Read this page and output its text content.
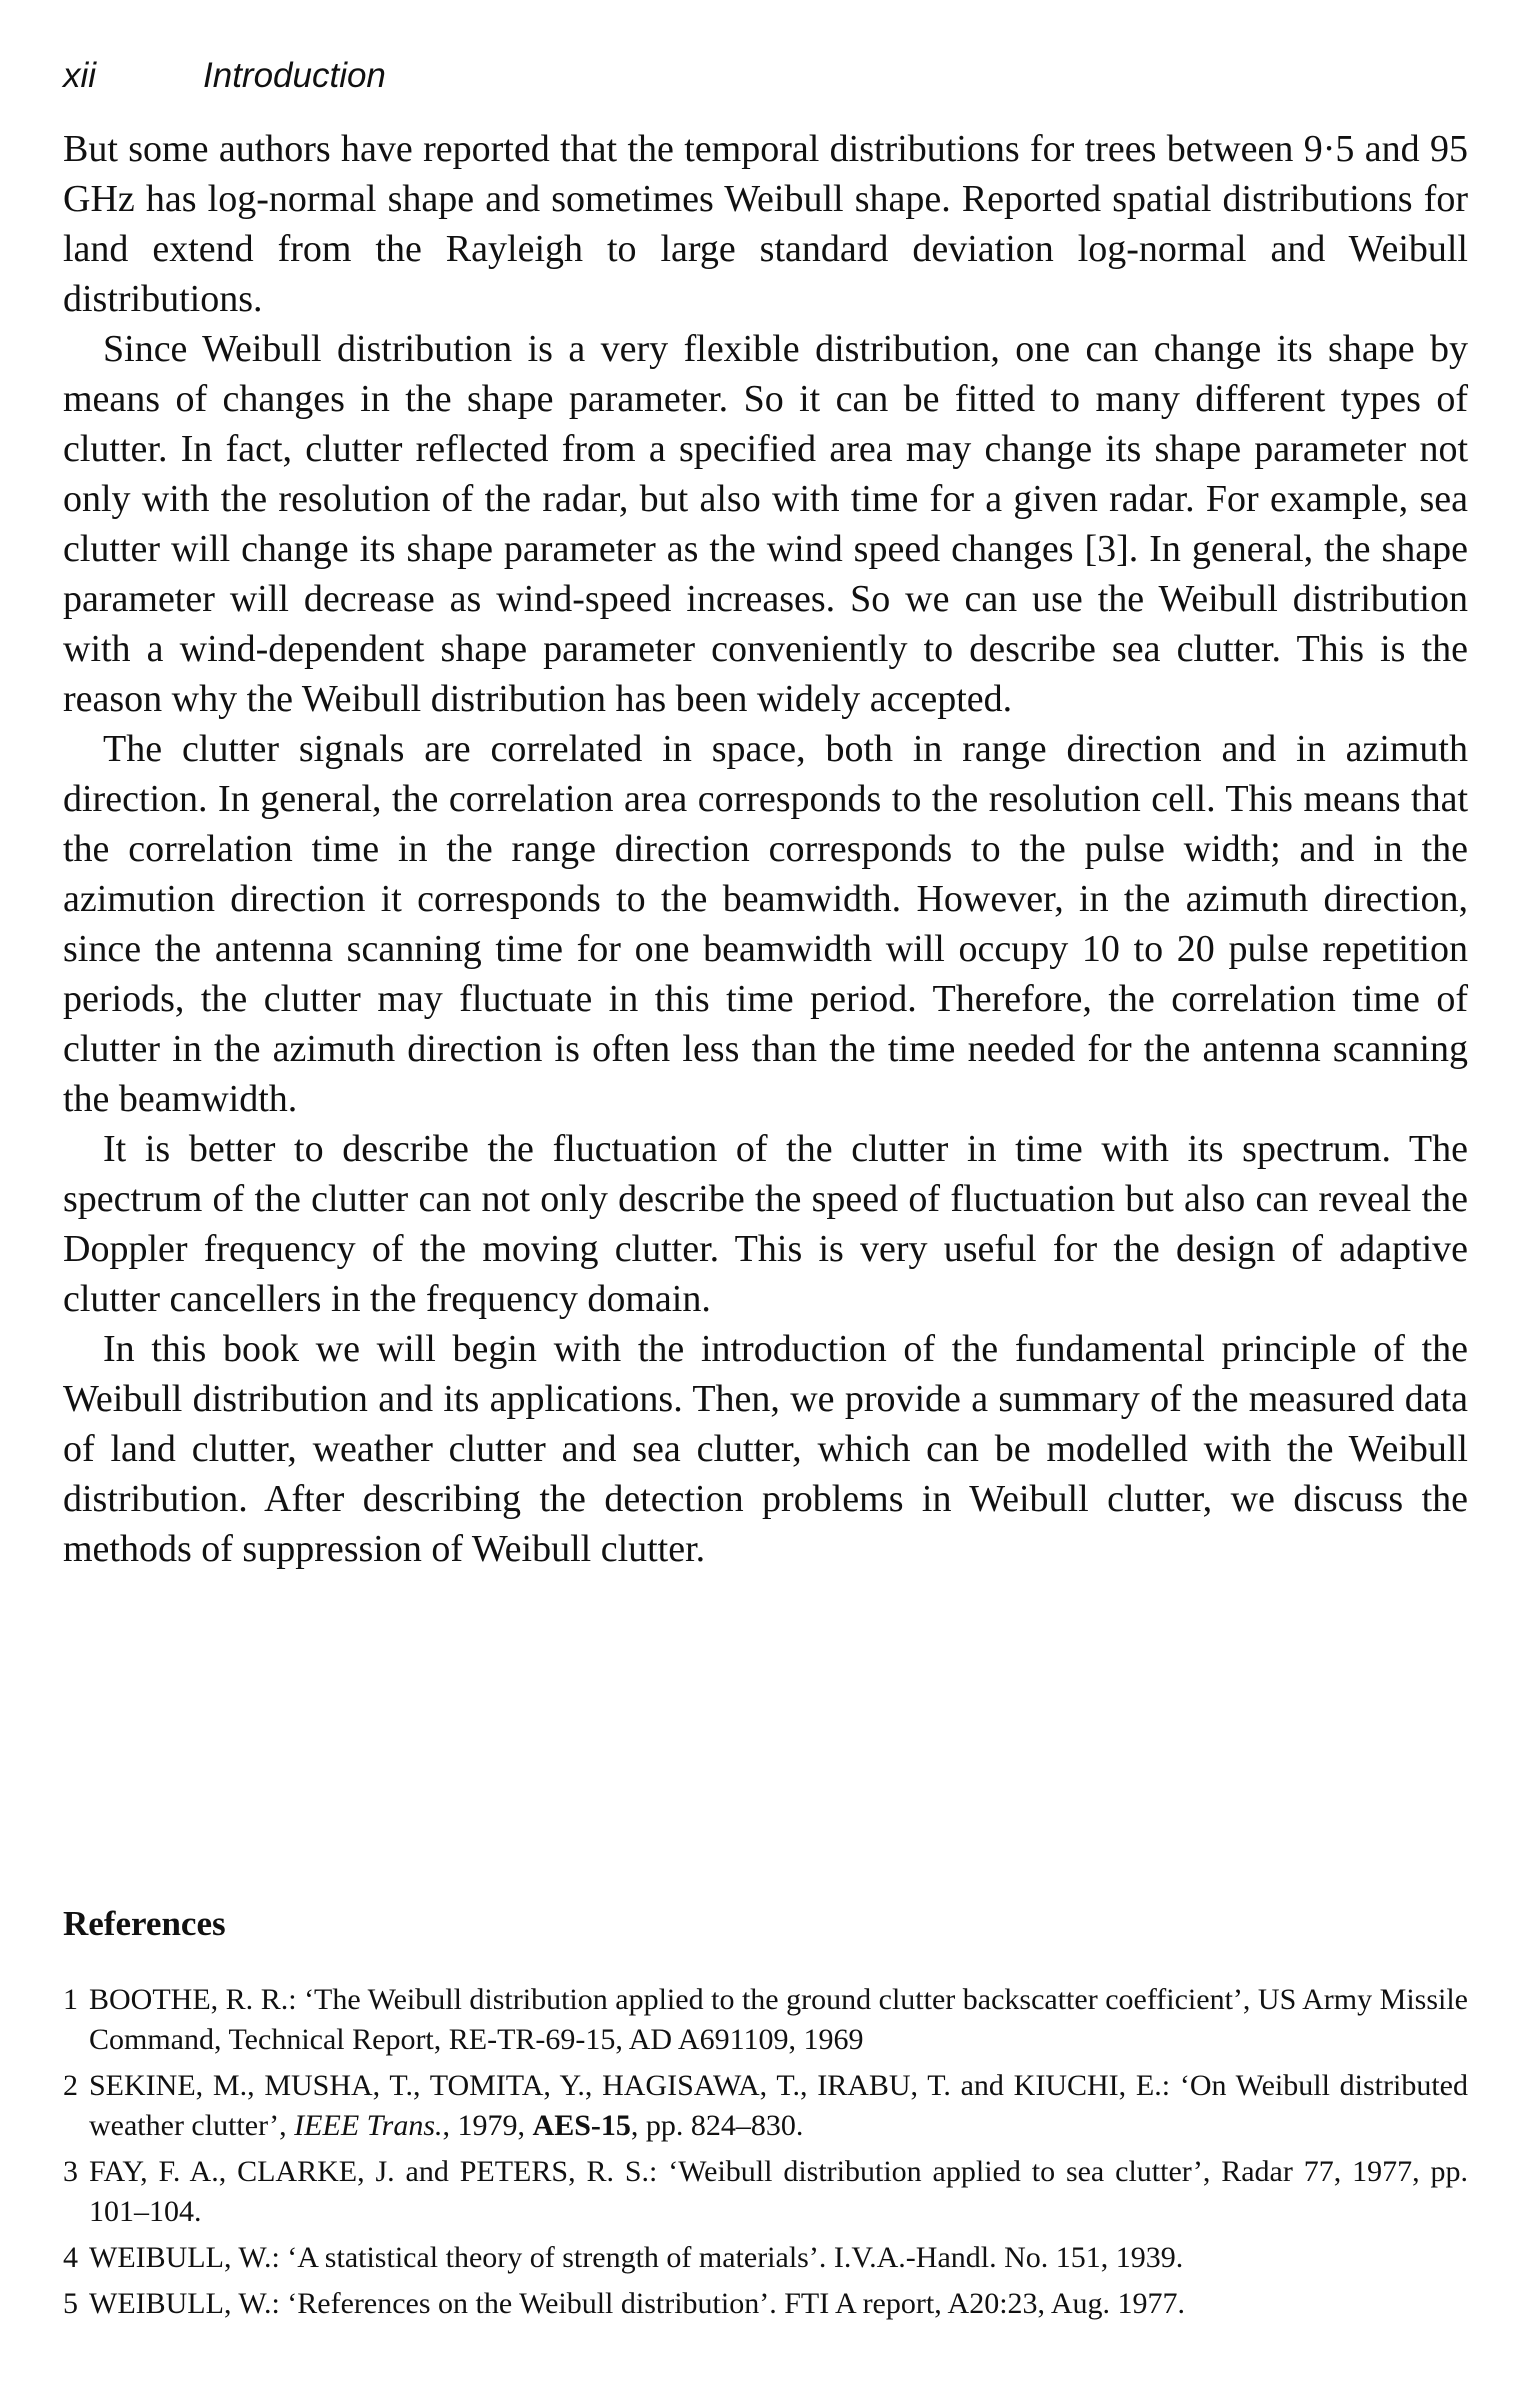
xii	Introduction

But some authors have reported that the temporal distributions for trees between 9·5 and 95 GHz has log-normal shape and sometimes Weibull shape. Reported spatial distributions for land extend from the Rayleigh to large standard deviation log-normal and Weibull distributions.

Since Weibull distribution is a very flexible distribution, one can change its shape by means of changes in the shape parameter. So it can be fitted to many different types of clutter. In fact, clutter reflected from a specified area may change its shape parameter not only with the resolution of the radar, but also with time for a given radar. For example, sea clutter will change its shape parameter as the wind speed changes [3]. In general, the shape parameter will decrease as wind-speed increases. So we can use the Weibull distribution with a wind-dependent shape parameter conveniently to describe sea clutter. This is the reason why the Weibull distribution has been widely accepted.

The clutter signals are correlated in space, both in range direction and in azimuth direction. In general, the correlation area corresponds to the resolution cell. This means that the correlation time in the range direction corresponds to the pulse width; and in the azimution direction it corresponds to the beamwidth. However, in the azimuth direction, since the antenna scanning time for one beamwidth will occupy 10 to 20 pulse repetition periods, the clutter may fluctuate in this time period. Therefore, the correlation time of clutter in the azimuth direction is often less than the time needed for the antenna scanning the beamwidth.

It is better to describe the fluctuation of the clutter in time with its spectrum. The spectrum of the clutter can not only describe the speed of fluctuation but also can reveal the Doppler frequency of the moving clutter. This is very useful for the design of adaptive clutter cancellers in the frequency domain.

In this book we will begin with the introduction of the fundamental principle of the Weibull distribution and its applications. Then, we provide a summary of the measured data of land clutter, weather clutter and sea clutter, which can be modelled with the Weibull distribution. After describing the detection problems in Weibull clutter, we discuss the methods of suppression of Weibull clutter.

References
1 BOOTHE, R. R.: ‘The Weibull distribution applied to the ground clutter backscatter coefficient’, US Army Missile Command, Technical Report, RE-TR-69-15, AD A691109, 1969
2 SEKINE, M., MUSHA, T., TOMITA, Y., HAGISAWA, T., IRABU, T. and KIUCHI, E.: ‘On Weibull distributed weather clutter’, IEEE Trans., 1979, AES-15, pp. 824–830.
3 FAY, F. A., CLARKE, J. and PETERS, R. S.: ‘Weibull distribution applied to sea clutter’, Radar 77, 1977, pp. 101–104.
4 WEIBULL, W.: ‘A statistical theory of strength of materials’. I.V.A.-Handl. No. 151, 1939.
5 WEIBULL, W.: ‘References on the Weibull distribution’. FTI A report, A20:23, Aug. 1977.
